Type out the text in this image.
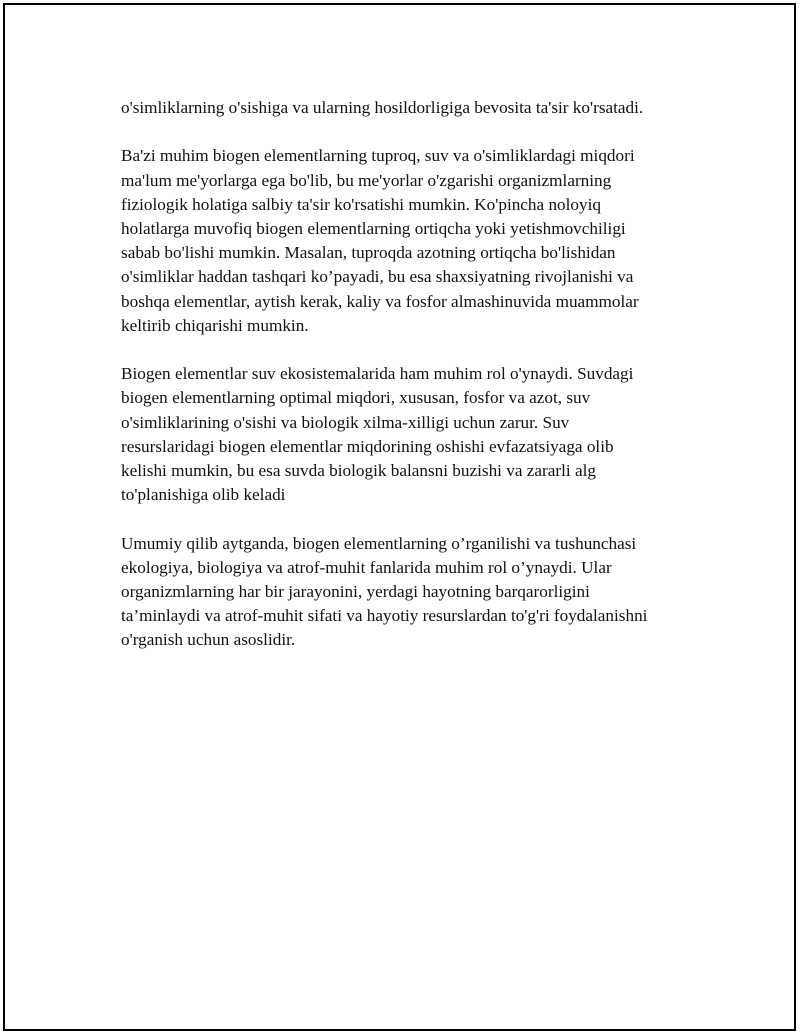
o'simliklarning o'sishiga va ularning hosildorligiga bevosita ta'sir ko'rsatadi.

Ba'zi muhim biogen elementlarning tuproq, suv va o'simliklardagi miqdori
ma'lum me'yorlarga ega bo'lib, bu me'yorlar o'zgarishi organizmlarning
fiziologik holatiga salbiy ta'sir ko'rsatishi mumkin. Ko'pincha noloyiq
holatlarga muvofiq biogen elementlarning ortiqcha yoki yetishmovchiligi
sabab bo'lishi mumkin. Masalan, tuproqda azotning ortiqcha bo'lishidan
o'simliklar haddan tashqari ko’payadi, bu esa shaxsiyatning rivojlanishi va
boshqa elementlar, aytish kerak, kaliy va fosfor almashinuvida muammolar
keltirib chiqarishi mumkin.

Biogen elementlar suv ekosistemalarida ham muhim rol o'ynaydi. Suvdagi
biogen elementlarning optimal miqdori, xususan, fosfor va azot, suv
o'simliklarining o'sishi va biologik xilma-xilligi uchun zarur. Suv
resurslaridagi biogen elementlar miqdorining oshishi evfazatsiyaga olib
kelishi mumkin, bu esa suvda biologik balansni buzishi va zararli alg
to'planishiga olib keladi

Umumiy qilib aytganda, biogen elementlarning o’rganilishi va tushunchasi
ekologiya, biologiya va atrof-muhit fanlarida muhim rol o’ynaydi. Ular
organizmlarning har bir jarayonini, yerdagi hayotning barqarorligini
ta’minlaydi va atrof-muhit sifati va hayotiy resurslardan to'g'ri foydalanishni
o'rganish uchun asoslidir.
